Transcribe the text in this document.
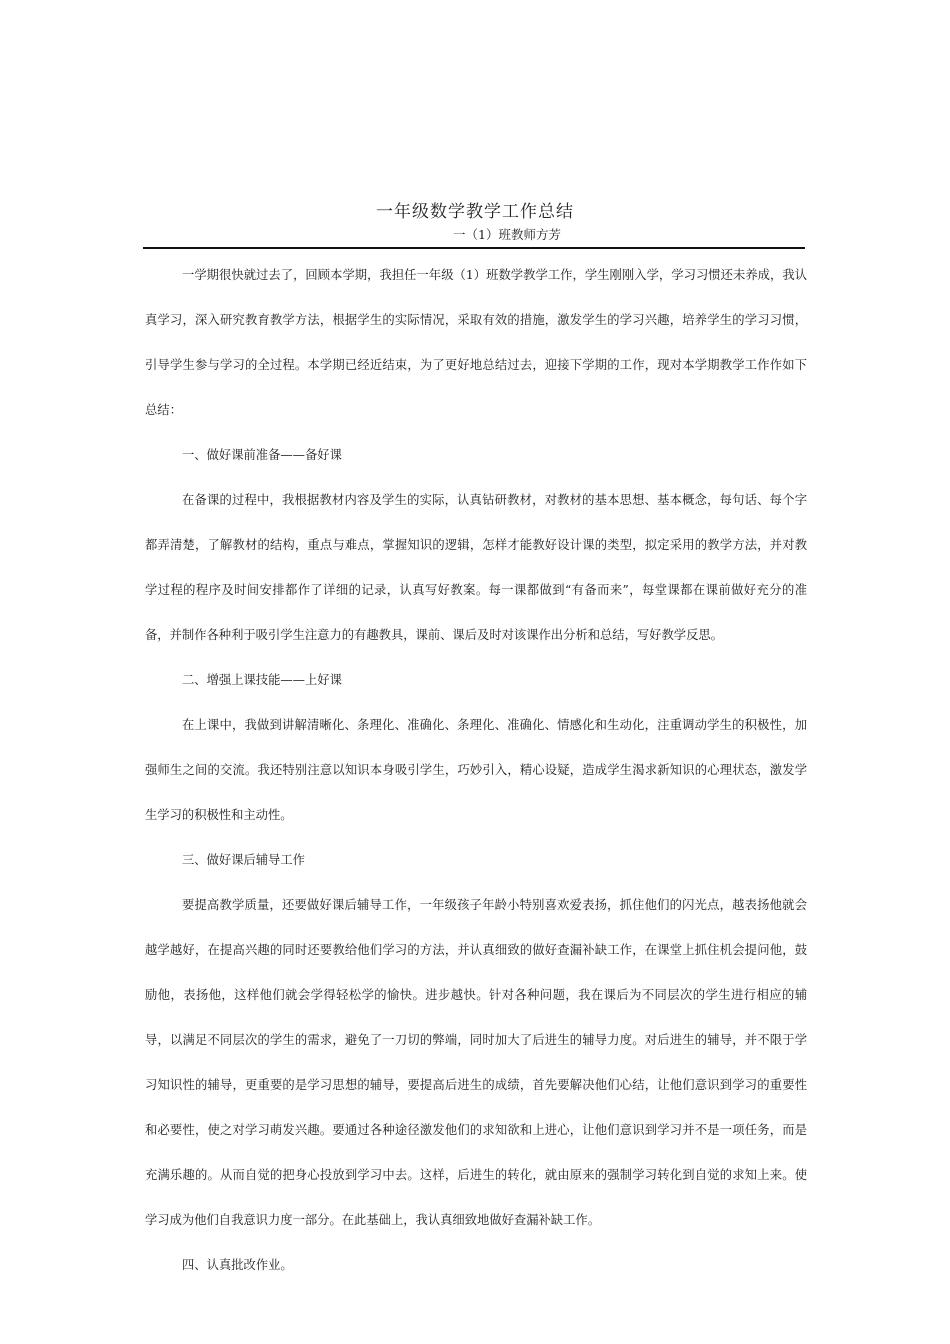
一年级数学教学工作总结
一（1）班教师方芳

一学期很快就过去了，回顾本学期，我担任一年级（1）班数学教学工作，学生刚刚入学，学习习惯还未养成，我认真学习，深入研究教育教学方法，根据学生的实际情况，采取有效的措施，激发学生的学习兴趣，培养学生的学习习惯，引导学生参与学习的全过程。本学期已经近结束，为了更好地总结过去，迎接下学期的工作，现对本学期教学工作作如下总结：

一、做好课前准备——备好课

在备课的过程中，我根据教材内容及学生的实际，认真钻研教材，对教材的基本思想、基本概念，每句话、每个字都弄清楚，了解教材的结构，重点与难点，掌握知识的逻辑，怎样才能教好设计课的类型，拟定采用的教学方法，并对教学过程的程序及时间安排都作了详细的记录，认真写好教案。每一课都做到“有备而来”，每堂课都在课前做好充分的准备，并制作各种利于吸引学生注意力的有趣教具，课前、课后及时对该课作出分析和总结，写好教学反思。

二、增强上课技能——上好课

在上课中，我做到讲解清晰化、条理化、准确化、条理化、准确化、情感化和生动化，注重调动学生的积极性，加强师生之间的交流。我还特别注意以知识本身吸引学生，巧妙引入，精心设疑，造成学生渴求新知识的心理状态，激发学生学习的积极性和主动性。

三、做好课后辅导工作

要提高教学质量，还要做好课后辅导工作，一年级孩子年龄小特别喜欢爱表扬，抓住他们的闪光点，越表扬他就会越学越好，在提高兴趣的同时还要教给他们学习的方法，并认真细致的做好查漏补缺工作，在课堂上抓住机会提问他，鼓励他，表扬他，这样他们就会学得轻松学的愉快。进步越快。针对各种问题，我在课后为不同层次的学生进行相应的辅导，以满足不同层次的学生的需求，避免了一刀切的弊端，同时加大了后进生的辅导力度。对后进生的辅导，并不限于学习知识性的辅导，更重要的是学习思想的辅导，要提高后进生的成绩，首先要解决他们心结，让他们意识到学习的重要性和必要性，使之对学习萌发兴趣。要通过各种途径激发他们的求知欲和上进心，让他们意识到学习并不是一项任务，而是充满乐趣的。从而自觉的把身心投放到学习中去。这样，后进生的转化，就由原来的强制学习转化到自觉的求知上来。使学习成为他们自我意识力度一部分。在此基础上，我认真细致地做好查漏补缺工作。

四、认真批改作业。
